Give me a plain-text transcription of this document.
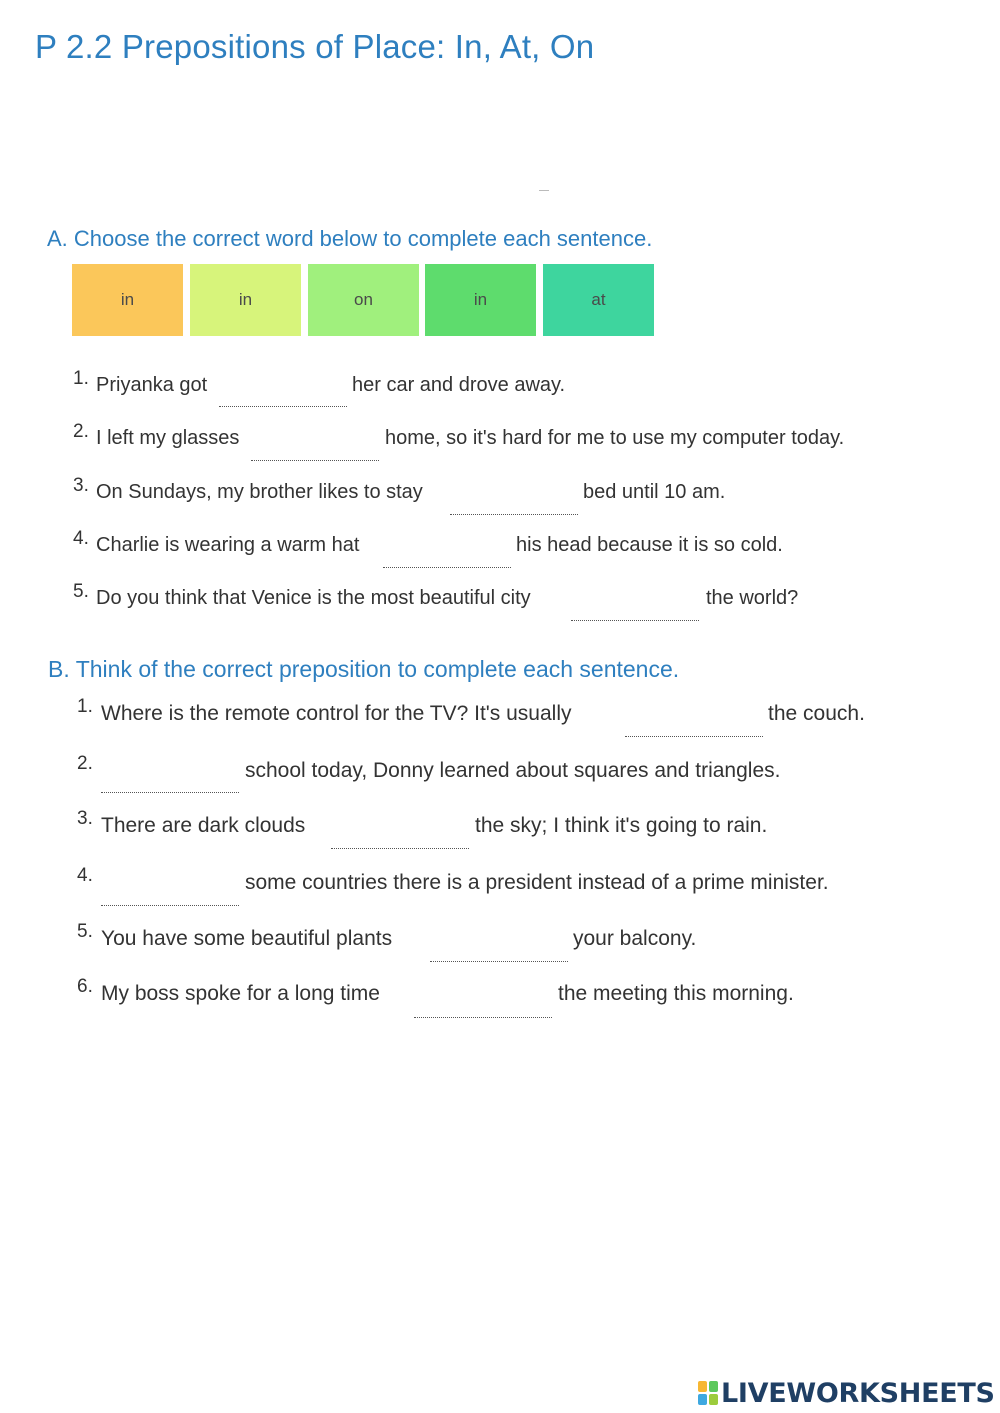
P 2.2 Prepositions of Place: In, At, On
A. Choose the correct word below to complete each sentence.
in	in	on	in	at
1. Priyanka got	her car and drove away.
2. I left my glasses	home, so it's hard for me to use my computer today.
3. On Sundays, my brother likes to stay	bed until 10 am.
4. Charlie is wearing a warm hat	his head because it is so cold.
5. Do you think that Venice is the most beautiful city	the world?
B. Think of the correct preposition to complete each sentence.
1. Where is the remote control for the TV? It's usually	the couch.
2.	school today, Donny learned about squares and triangles.
3. There are dark clouds	the sky; I think it's going to rain.
4.	some countries there is a president instead of a prime minister.
5. You have some beautiful plants	your balcony.
6. My boss spoke for a long time	the meeting this morning.
LIVEWORKSHEETS
